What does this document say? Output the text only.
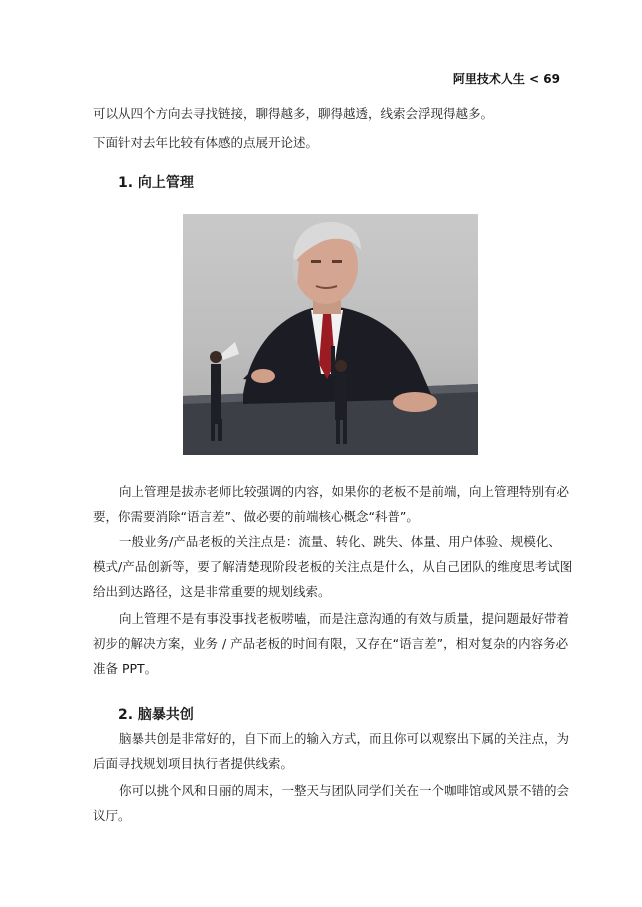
阿里技术人生 < 69

可以从四个方向去寻找链接，聊得越多，聊得越透，线索会浮现得越多。

下面针对去年比较有体感的点展开论述。

1. 向上管理

向上管理是拔赤老师比较强调的内容，如果你的老板不是前端，向上管理特别有必要，你需要消除“语言差”、做必要的前端核心概念“科普”。

一般业务/产品老板的关注点是：流量、转化、跳失、体量、用户体验、规模化、模式/产品创新等，要了解清楚现阶段老板的关注点是什么，从自己团队的维度思考试图给出到达路径，这是非常重要的规划线索。

向上管理不是有事没事找老板唠嗑，而是注意沟通的有效与质量，提问题最好带着初步的解决方案，业务 / 产品老板的时间有限，又存在“语言差”，相对复杂的内容务必准备 PPT。

2. 脑暴共创

脑暴共创是非常好的，自下而上的输入方式，而且你可以观察出下属的关注点，为后面寻找规划项目执行者提供线索。

你可以挑个风和日丽的周末，一整天与团队同学们关在一个咖啡馆或风景不错的会议厅。
